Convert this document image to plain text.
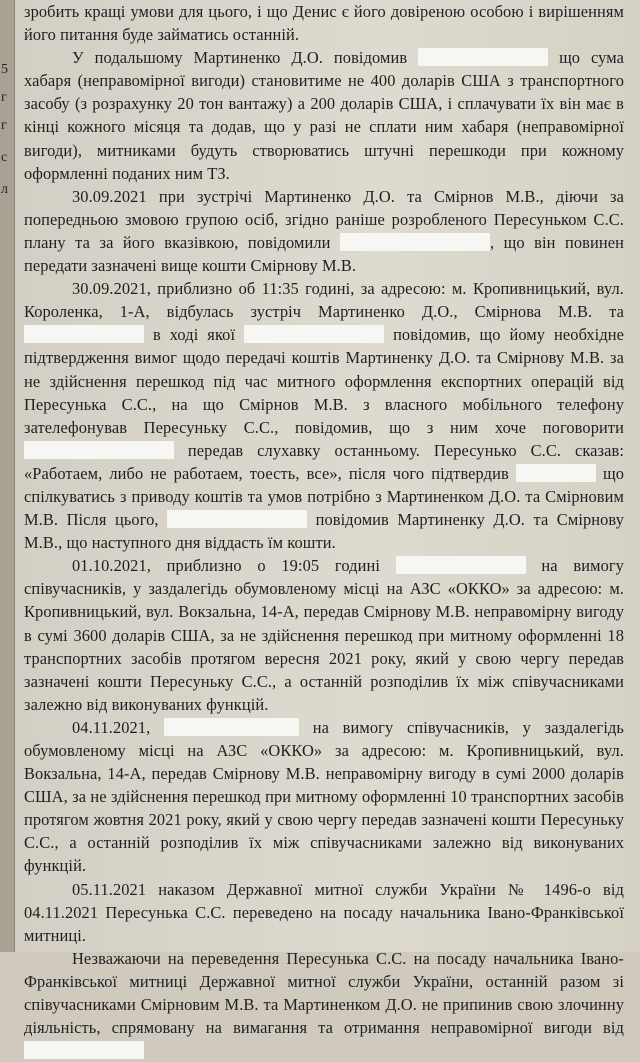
5
г
г
с
л

зробить кращі умови для цього, і що Денис є його довіреною особою і вирішенням його питання буде займатись останній.

У подальшому Мартиненко Д.О. повідомив	що сума хабаря (неправомірної вигоди) становитиме не 400 доларів США з транспортного засобу (з розрахунку 20 тон вантажу) а 200 доларів США, і сплачувати їх він має в кінці кожного місяця та додав, що у разі не сплати ним хабаря (неправомірної вигоди), митниками будуть створюватись штучні перешкоди при кожному оформленні поданих ним ТЗ.

30.09.2021 при зустрічі Мартиненко Д.О. та Смірнов М.В., діючи за попередньою змовою групою осіб, згідно раніше розробленого Пересуньком С.С. плану та за його вказівкою, повідомили	, що він повинен передати зазначені вище кошти Смірнову М.В.

30.09.2021, приблизно об 11:35 годині, за адресою: м. Кропивницький, вул. Короленка, 1-А, відбулась зустріч Мартиненко Д.О., Смірнова М.В. та  в ході якої	повідомив, що йому необхідне підтвердження вимог щодо передачі коштів Мартиненку Д.О. та Смірнову М.В. за не здійснення перешкод під час митного оформлення експортних операцій від Пересунька С.С., на що Смірнов М.В. з власного мобільного телефону зателефонував Пересуньку С.С., повідомив, що з ним хоче поговорити  передав слухавку останньому. Пересунько С.С. сказав: «Работаем, либо не работаем, тоесть, все», після чого підтвердив	що спілкуватись з приводу коштів та умов потрібно з Мартиненком Д.О. та Смірновим М.В. Після цього,	повідомив Мартиненку Д.О. та Смірнову М.В., що наступного дня віддасть їм кошти.

01.10.2021, приблизно о 19:05 годині	на вимогу співучасників, у заздалегідь обумовленому місці на АЗС «ОККО» за адресою: м. Кропивницький, вул. Вокзальна, 14-А, передав Смірнову М.В. неправомірну вигоду в сумі 3600 доларів США, за не здійснення перешкод при митному оформленні 18 транспортних засобів протягом вересня 2021 року, який у свою чергу передав зазначені кошти Пересуньку С.С., а останній розподілив їх між співучасниками залежно від виконуваних функцій.

04.11.2021,	на вимогу співучасників, у заздалегідь обумовленому місці на АЗС «ОККО» за адресою: м. Кропивницький, вул. Вокзальна, 14-А, передав Смірнову М.В. неправомірну вигоду в сумі 2000 доларів США, за не здійснення перешкод при митному оформленні 10 транспортних засобів протягом жовтня 2021 року, який у свою чергу передав зазначені кошти Пересуньку С.С., а останній розподілив їх між співучасниками залежно від виконуваних функцій.

05.11.2021 наказом Державної митної служби України № 1496-о від 04.11.2021 Пересунька С.С. переведено на посаду начальника Івано-Франківської митниці.

Незважаючи на переведення Пересунька С.С. на посаду начальника Івано-Франківської митниці Державної митної служби України, останній разом зі співучасниками Смірновим М.В. та Мартиненком Д.О. не припинив свою злочинну діяльність, спрямовану на вимагання та отримання неправомірної вигоди від
